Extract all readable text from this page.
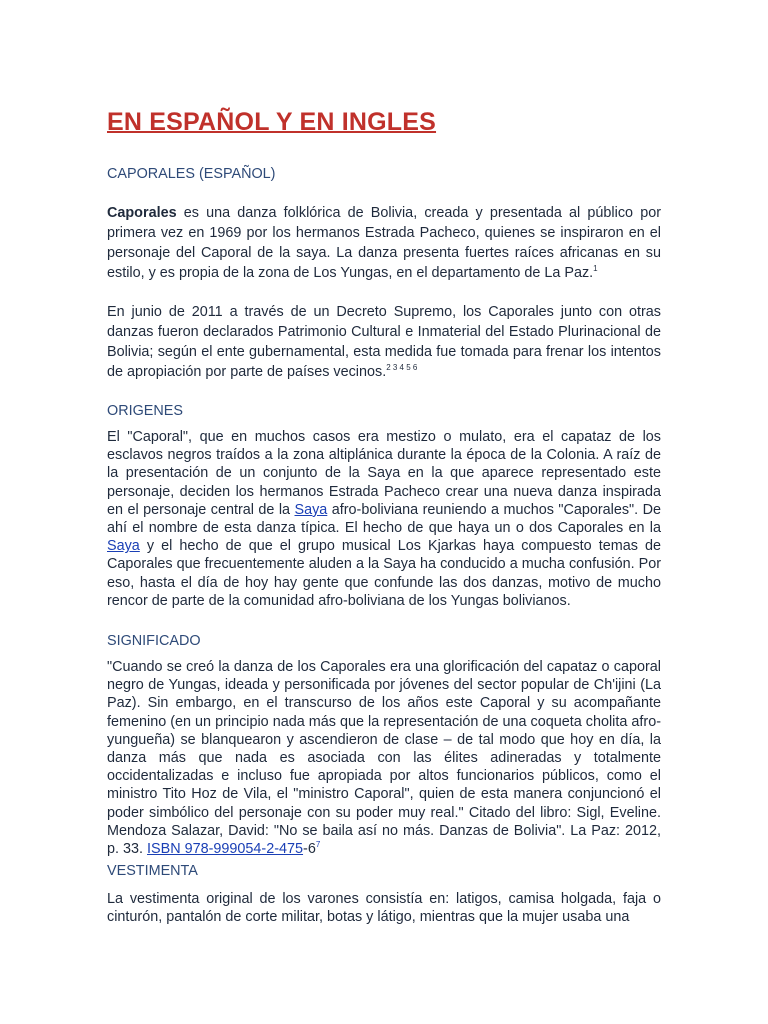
EN ESPAÑOL Y EN INGLES
CAPORALES (ESPAÑOL)

Caporales es una danza folklórica de Bolivia, creada y presentada al público por primera vez en 1969 por los hermanos Estrada Pacheco, quienes se inspiraron en el personaje del Caporal de la saya. La danza presenta fuertes raíces africanas en su estilo, y es propia de la zona de Los Yungas, en el departamento de La Paz.$^1$

En junio de 2011 a través de un Decreto Supremo, los Caporales junto con otras danzas fueron declarados Patrimonio Cultural e Inmaterial del Estado Plurinacional de Bolivia; según el ente gubernamental, esta medida fue tomada para frenar los intentos de apropiación por parte de países vecinos.$^{2 3 4 5 6}$

ORIGENES

El "Caporal", que en muchos casos era mestizo o mulato, era el capataz de los esclavos negros traídos a la zona altiplánica durante la época de la Colonia. A raíz de la presentación de un conjunto de la Saya en la que aparece representado este personaje, deciden los hermanos Estrada Pacheco crear una nueva danza inspirada en el personaje central de la Saya afro-boliviana reuniendo a muchos "Caporales". De ahí el nombre de esta danza típica. El hecho de que haya un o dos Caporales en la Saya y el hecho de que el grupo musical Los Kjarkas haya compuesto temas de Caporales que frecuentemente aluden a la Saya ha conducido a mucha confusión. Por eso, hasta el día de hoy hay gente que confunde las dos danzas, motivo de mucho rencor de parte de la comunidad afro-boliviana de los Yungas bolivianos.

SIGNIFICADO

"Cuando se creó la danza de los Caporales era una glorificación del capataz o caporal negro de Yungas, ideada y personificada por jóvenes del sector popular de Ch'ijini (La Paz). Sin embargo, en el transcurso de los años este Caporal y su acompañante femenino (en un principio nada más que la representación de una coqueta cholita afro-yungueña) se blanquearon y ascendieron de clase – de tal modo que hoy en día, la danza más que nada es asociada con las élites adineradas y totalmente occidentalizadas e incluso fue apropiada por altos funcionarios públicos, como el ministro Tito Hoz de Vila, el "ministro Caporal", quien de esta manera conjuncionó el poder simbólico del personaje con su poder muy real." Citado del libro: Sigl, Eveline. Mendoza Salazar, David: "No se baila así no más. Danzas de Bolivia". La Paz: 2012, p. 33. ISBN $978-999054-2-475-6^7$

VESTIMENTA

La vestimenta original de los varones consistía en: latigos, camisa holgada, faja o cinturón, pantalón de corte militar, botas y látigo, mientras que la mujer usaba una
